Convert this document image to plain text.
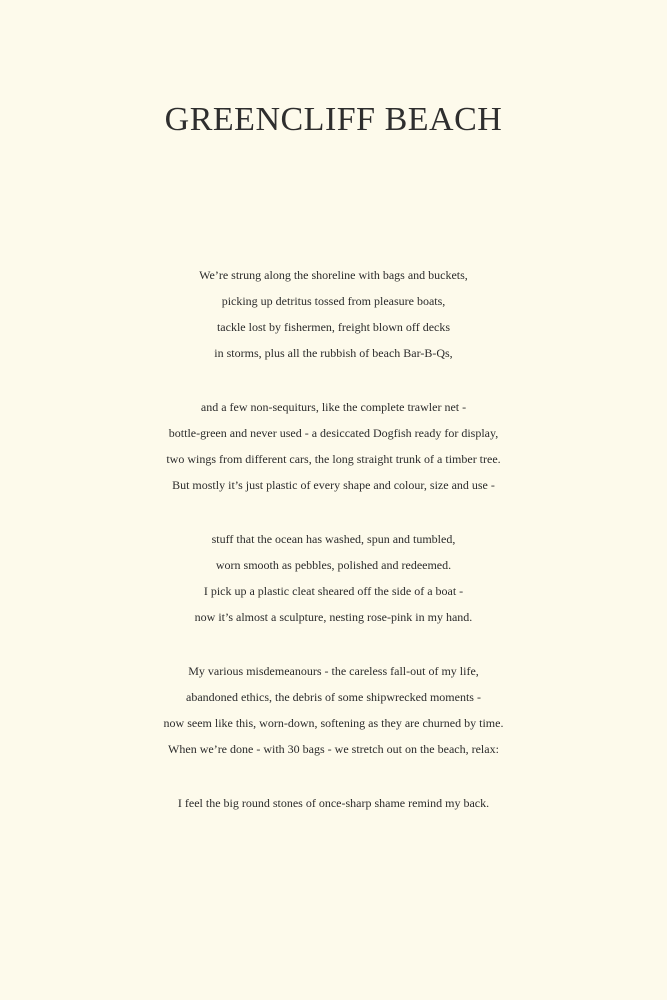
GREENCLIFF BEACH
We’re strung along the shoreline with bags and buckets,
picking up detritus tossed from pleasure boats,
tackle lost by fishermen, freight blown off decks
in storms, plus all the rubbish of beach Bar-B-Qs,
and a few non-sequiturs, like the complete trawler net -
bottle-green and never used - a desiccated Dogfish ready for display,
two wings from different cars, the long straight trunk of a timber tree.
But mostly it’s just plastic of every shape and colour, size and use -
stuff that the ocean has washed, spun and tumbled,
worn smooth as pebbles, polished and redeemed.
I pick up a plastic cleat sheared off the side of a boat -
now it’s almost a sculpture, nesting rose-pink in my hand.
My various misdemeanours - the careless fall-out of my life,
abandoned ethics, the debris of some shipwrecked moments -
now seem like this, worn-down, softening as they are churned by time.
When we’re done - with 30 bags - we stretch out on the beach, relax:
I feel the big round stones of once-sharp shame remind my back.
